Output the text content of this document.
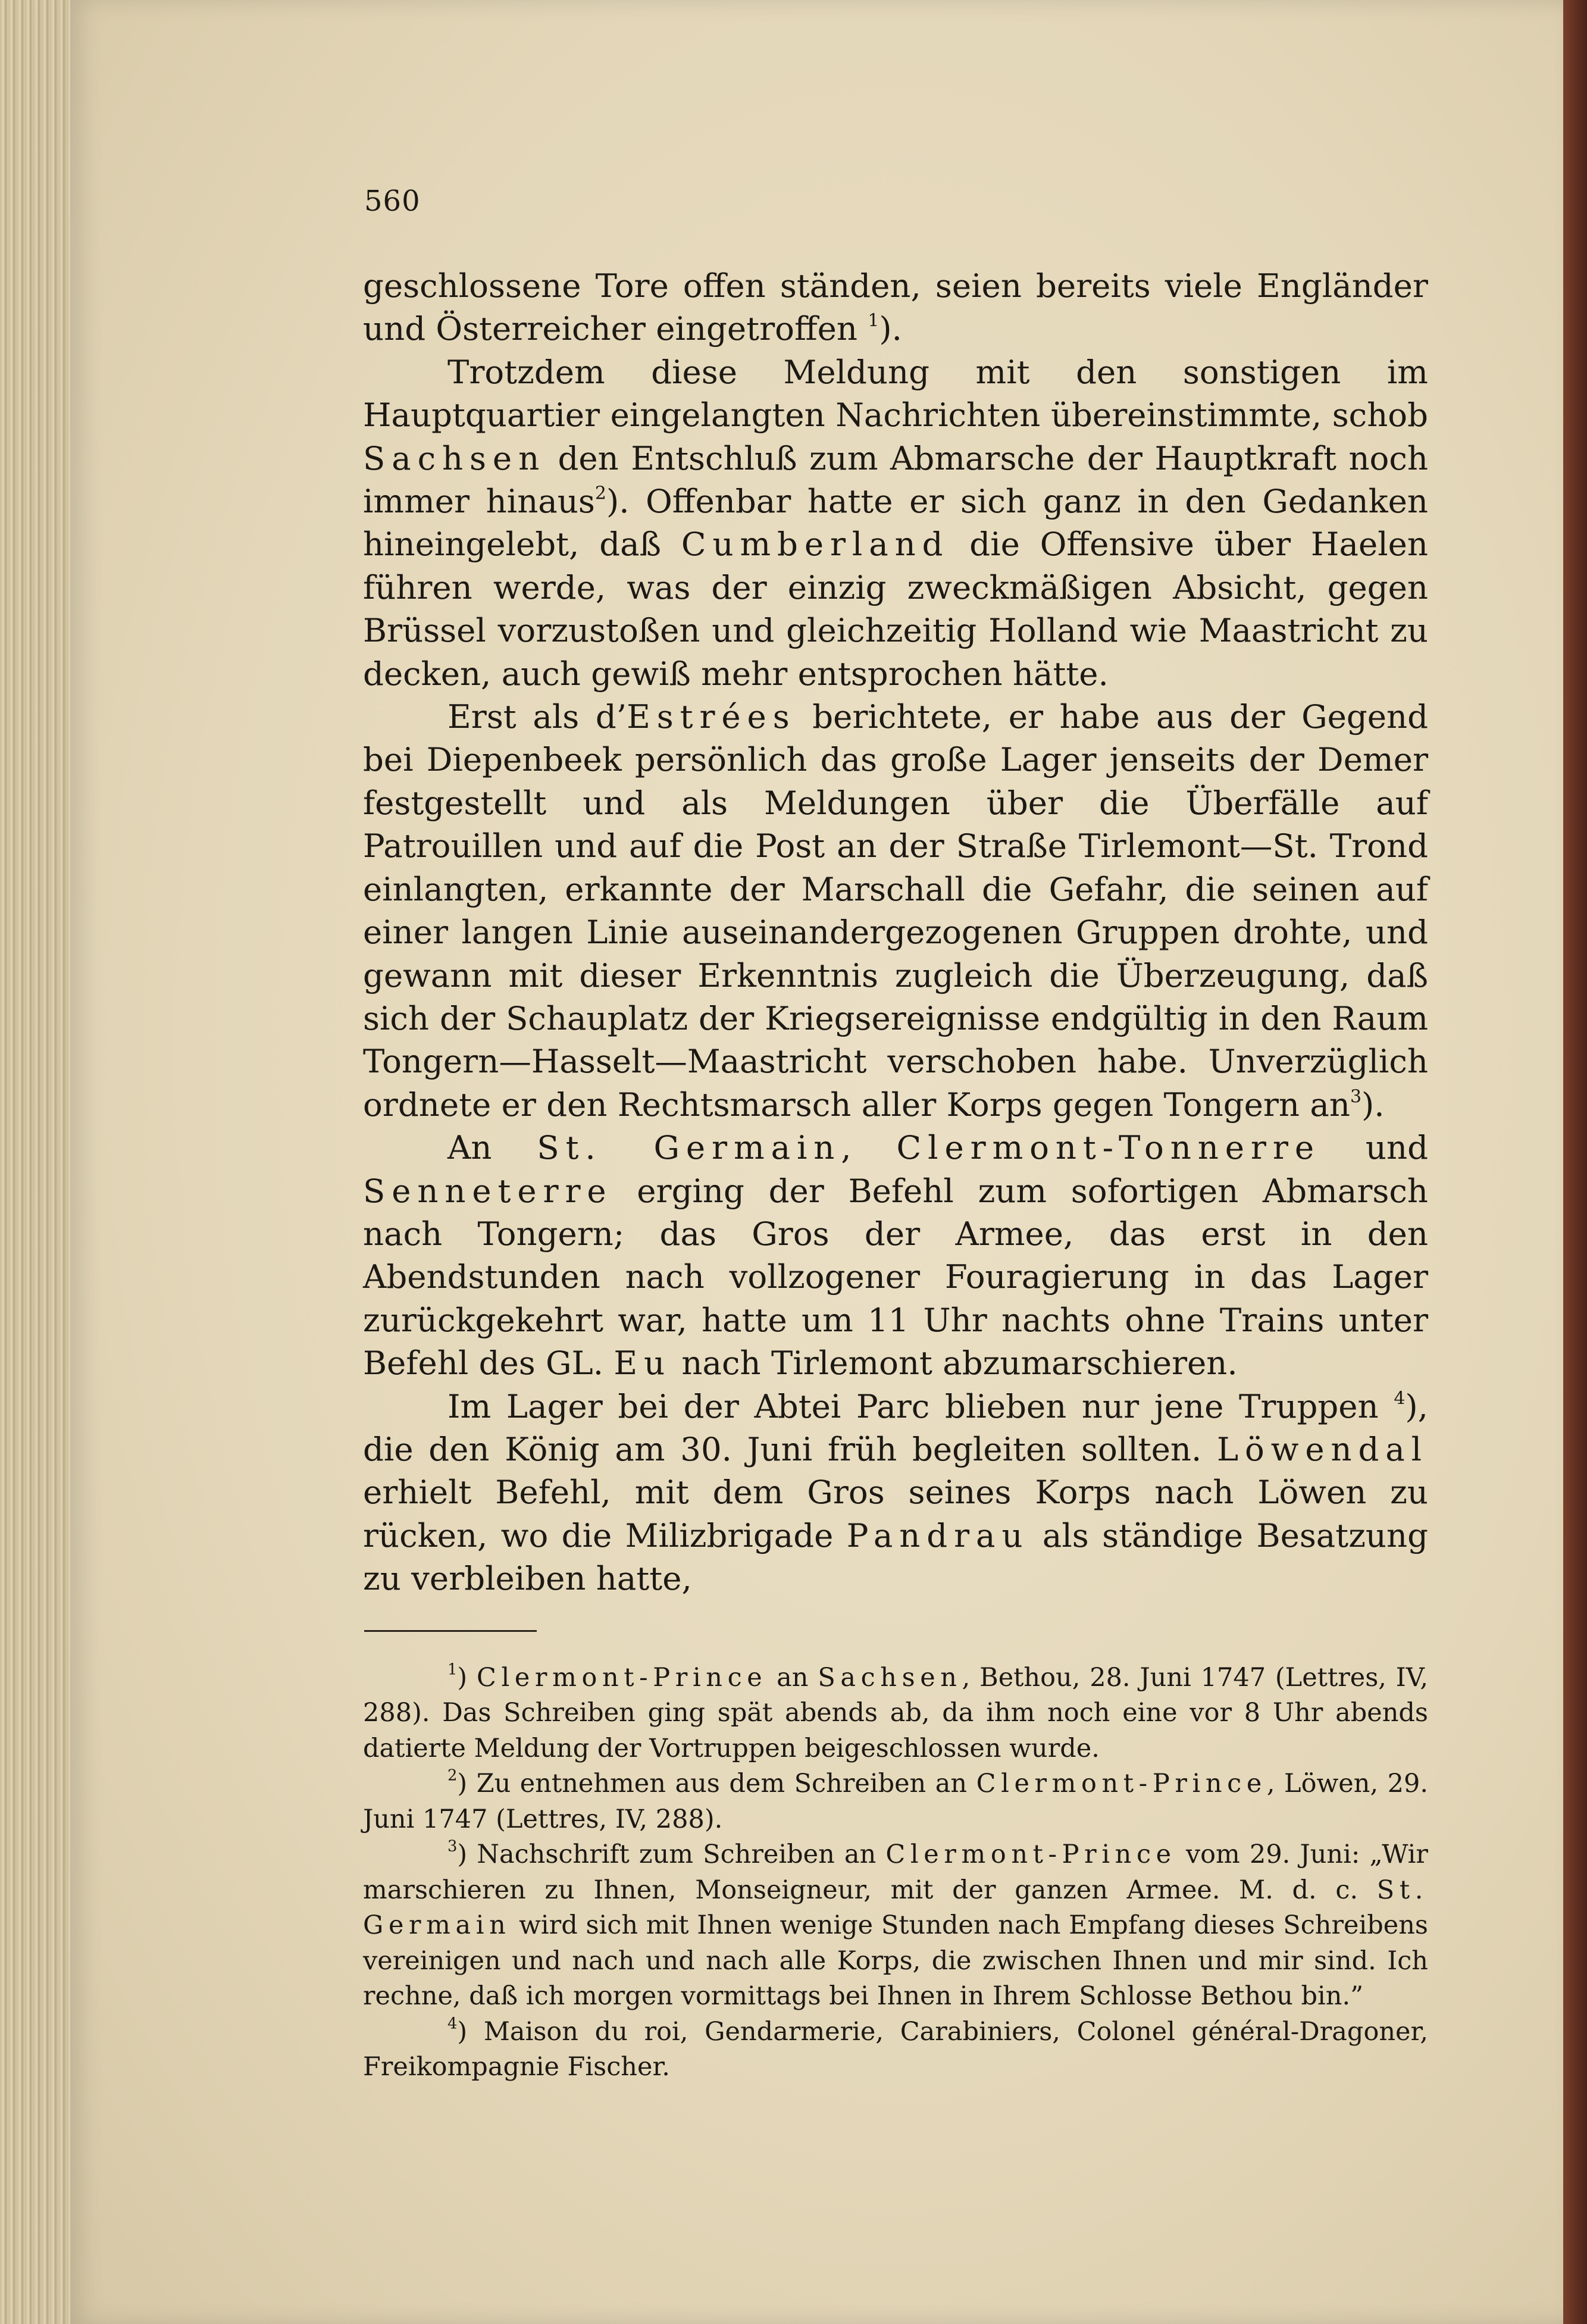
560

geschlossene Tore offen ständen, seien bereits viele Engländer und Österreicher eingetroffen $^1$).

Trotzdem diese Meldung mit den sonstigen im Hauptquartier eingelangten Nachrichten übereinstimmte, schob Sachsen den Entschluß zum Abmarsche der Hauptkraft noch immer hinaus$^2$). Offenbar hatte er sich ganz in den Gedanken hineingelebt, daß Cumberland die Offensive über Haelen führen werde, was der einzig zweckmäßigen Absicht, gegen Brüssel vorzustoßen und gleichzeitig Holland wie Maastricht zu decken, auch gewiß mehr entsprochen hätte.

Erst als d’Estrées berichtete, er habe aus der Gegend bei Diepenbeek persönlich das große Lager jenseits der Demer festgestellt und als Meldungen über die Überfälle auf Patrouillen und auf die Post an der Straße Tirlemont—St. Trond einlangten, erkannte der Marschall die Gefahr, die seinen auf einer langen Linie auseinandergezogenen Gruppen drohte, und gewann mit dieser Erkenntnis zugleich die Überzeugung, daß sich der Schauplatz der Kriegsereignisse endgültig in den Raum Tongern—Hasselt—Maastricht verschoben habe. Unverzüglich ordnete er den Rechtsmarsch aller Korps gegen Tongern $an^3$).

An St. Germain, Clermont-Tonnerre und Senneterre erging der Befehl zum sofortigen Abmarsch nach Tongern; das Gros der Armee, das erst in den Abendstunden nach vollzogener Fouragierung in das Lager zurückgekehrt war, hatte um 11 Uhr nachts ohne Trains unter Befehl des GL. Eu nach Tirlemont abzumarschieren.

Im Lager bei der Abtei Parc blieben nur jene Truppen $^4$), die den König am 30. Juni früh begleiten sollten. Löwendal erhielt Befehl, mit dem Gros seines Korps nach Löwen zu rücken, wo die Milizbrigade Pandrau als ständige Besatzung zu verbleiben hatte,

$^1$) Clermont-Prince an Sachsen, Bethou, 28. Juni 1747 (Lettres, IV, 288). Das Schreiben ging spät abends ab, da ihm noch eine vor 8 Uhr abends datierte Meldung der Vortruppen beigeschlossen wurde.

$^2$) Zu entnehmen aus dem Schreiben an Clermont-Prince, Löwen, 29. Juni 1747 (Lettres, IV, 288).

$^3$) Nachschrift zum Schreiben an Clermont-Prince vom 29. Juni: „Wir marschieren zu Ihnen, Monseigneur, mit der ganzen Armee. M. d. c. St. Germain wird sich mit Ihnen wenige Stunden nach Empfang dieses Schreibens vereinigen und nach und nach alle Korps, die zwischen Ihnen und mir sind. Ich rechne, daß ich morgen vormittags bei Ihnen in Ihrem Schlosse Bethou bin.”

$^4$) Maison du roi, Gendarmerie, Carabiniers, Colonel général-Dragoner, Freikompagnie Fischer.
